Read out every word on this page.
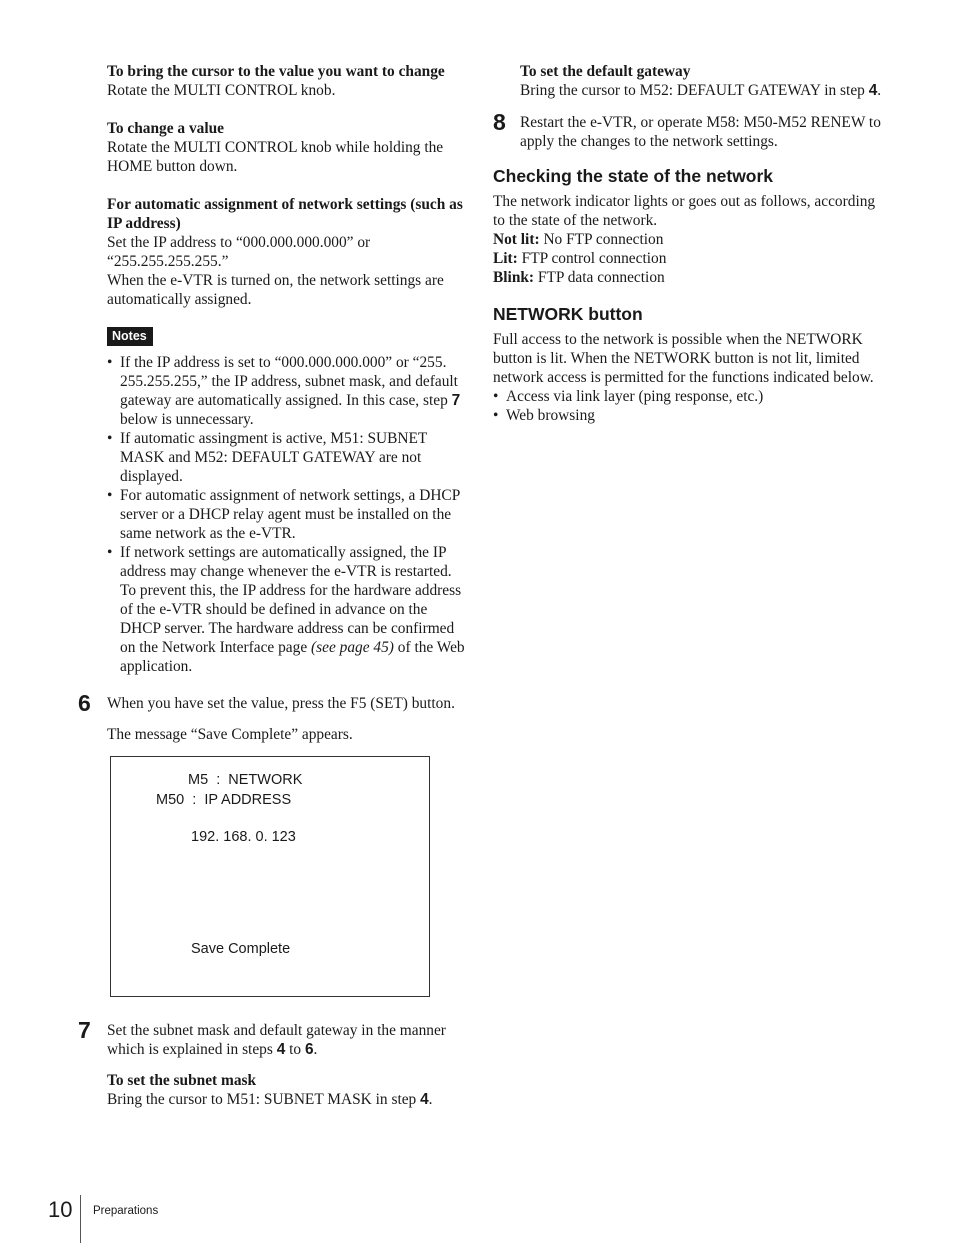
To bring the cursor to the value you want to change

Rotate the MULTI CONTROL knob.

To change a value

Rotate the MULTI CONTROL knob while holding the HOME button down.

For automatic assignment of network settings (such as IP address)

Set the IP address to “000.000.000.000” or “255.255.255.255.”

When the e-VTR is turned on, the network settings are automatically assigned.

Notes
• If the IP address is set to “000.000.000.000” or “255. 255.255.255,” the IP address, subnet mask, and default gateway are automatically assigned. In this case, step 7 below is unnecessary.
• If automatic assingment is active, M51: SUBNET MASK and M52: DEFAULT GATEWAY are not displayed.
• For automatic assignment of network settings, a DHCP server or a DHCP relay agent must be installed on the same network as the e-VTR.
• If network settings are automatically assigned, the IP address may change whenever the e-VTR is restarted. To prevent this, the IP address for the hardware address of the e-VTR should be defined in advance on the DHCP server. The hardware address can be confirmed on the Network Interface page (see page 45) of the Web application.
6 When you have set the value, press the F5 (SET) button.

The message “Save Complete” appears.

M5  :  NETWORK
M50  :  IP ADDRESS
192. 168. 0. 123
Save Complete
7 Set the subnet mask and default gateway in the manner which is explained in steps 4 to 6.

To set the subnet mask

Bring the cursor to M51: SUBNET MASK in step 4.

To set the default gateway

Bring the cursor to M52: DEFAULT GATEWAY in step 4.

8 Restart the e-VTR, or operate M58: M50-M52 RENEW to apply the changes to the network settings.

Checking the state of the network

The network indicator lights or goes out as follows, according to the state of the network.

Not lit: No FTP connection

Lit: FTP control connection

Blink: FTP data connection

NETWORK button

Full access to the network is possible when the NETWORK button is lit. When the NETWORK button is not lit, limited network access is permitted for the functions indicated below.

• Access via link layer (ping response, etc.)
• Web browsing
10 Preparations
